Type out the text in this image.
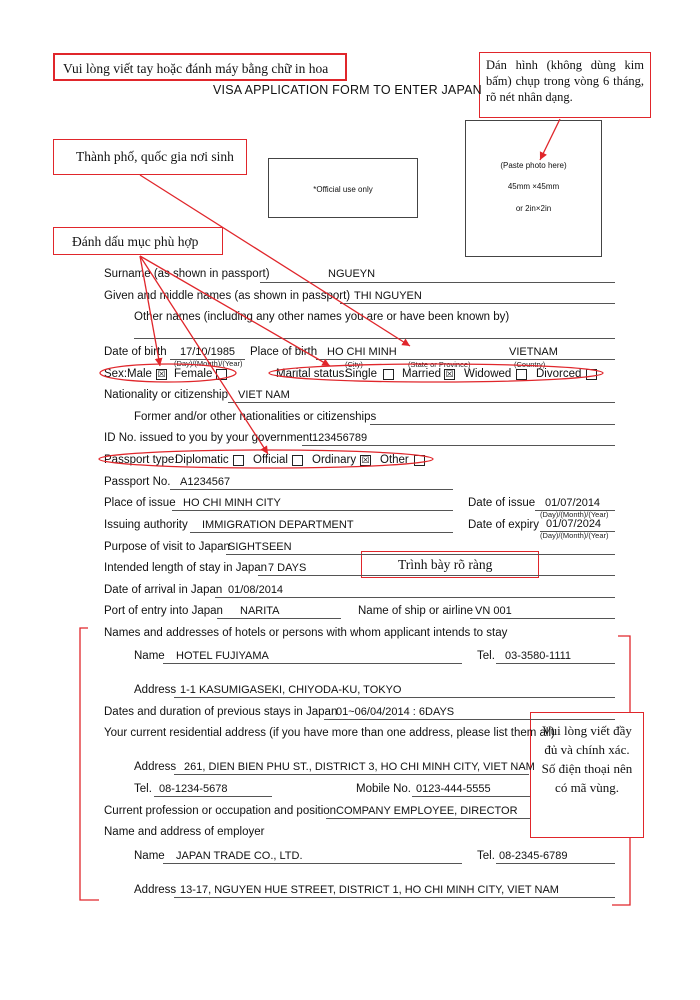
Vui lòng viết tay hoặc đánh máy bằng chữ in hoa	Dán hình (không dùng kim bấm) chụp trong vòng 6 tháng, rõ nét nhân dạng.
Thành phố, quốc gia nơi sinh
Đánh dấu mục phù hợp
Trình bày rõ ràng
Vui lòng viết đầy đủ và chính xác. Số điện thoại nên có mã vùng.
VISA APPLICATION FORM TO ENTER JAPAN
*Official use only
(Paste photo here)
45mm ×45mm
or 2in×2in
Surname (as shown in passport)	NGUEYN
Given and middle names (as shown in passport) THI NGUYEN
Other names (including any other names you are or have been known by)
Date of birth 17/10/1985
(Day)/(Month)/(Year)
Place of birth HO CHI MINH	VIETNAM
(City)	(State or Province)	(Country)
Sex: Male ☒ Female	Marital status:
Single Married ☒ Widowed Divorced
Nationality or citizenship VIET NAM
Former and/or other nationalities or citizenships
ID No. issued to you by your government 123456789
Passport type:
Diplomatic Official Ordinary ☒ Other
Passport No. A1234567
Place of issue HO CHI MINH CITY	Date of issue 01/07/2014
(Day)/(Month)/(Year)
Issuing authority IMMIGRATION DEPARTMENT	Date of expiry 01/07/2024
(Day)/(Month)/(Year)
Purpose of visit to Japan
SIGHTSEEN
Intended length of stay in Japan 7 DAYS
Date of arrival in Japan 01/08/2014
Port of entry into Japan NARITA	Name of ship or airline VN 001
Names and addresses of hotels or persons with whom applicant intends to stay
Name HOTEL FUJIYAMA	Tel. 03-3580-1111
Address 1-1 KASUMIGASEKI, CHIYODA-KU, TOKYO
Dates and duration of previous stays in Japan
01~06/04/2014 : 6DAYS
Your current residential address (if you have more than one address, please list them all)
Address 261, DIEN BIEN PHU ST., DISTRICT 3, HO CHI MINH CITY, VIET NAM
Tel. 08-1234-5678	Mobile No. 0123-444-5555
Current profession or occupation and position COMPANY EMPLOYEE, DIRECTOR
Name and address of employer
Name JAPAN TRADE CO., LTD.	Tel. 08-2345-6789
Address 13-17, NGUYEN HUE STREET, DISTRICT 1, HO CHI MINH CITY, VIET NAM
